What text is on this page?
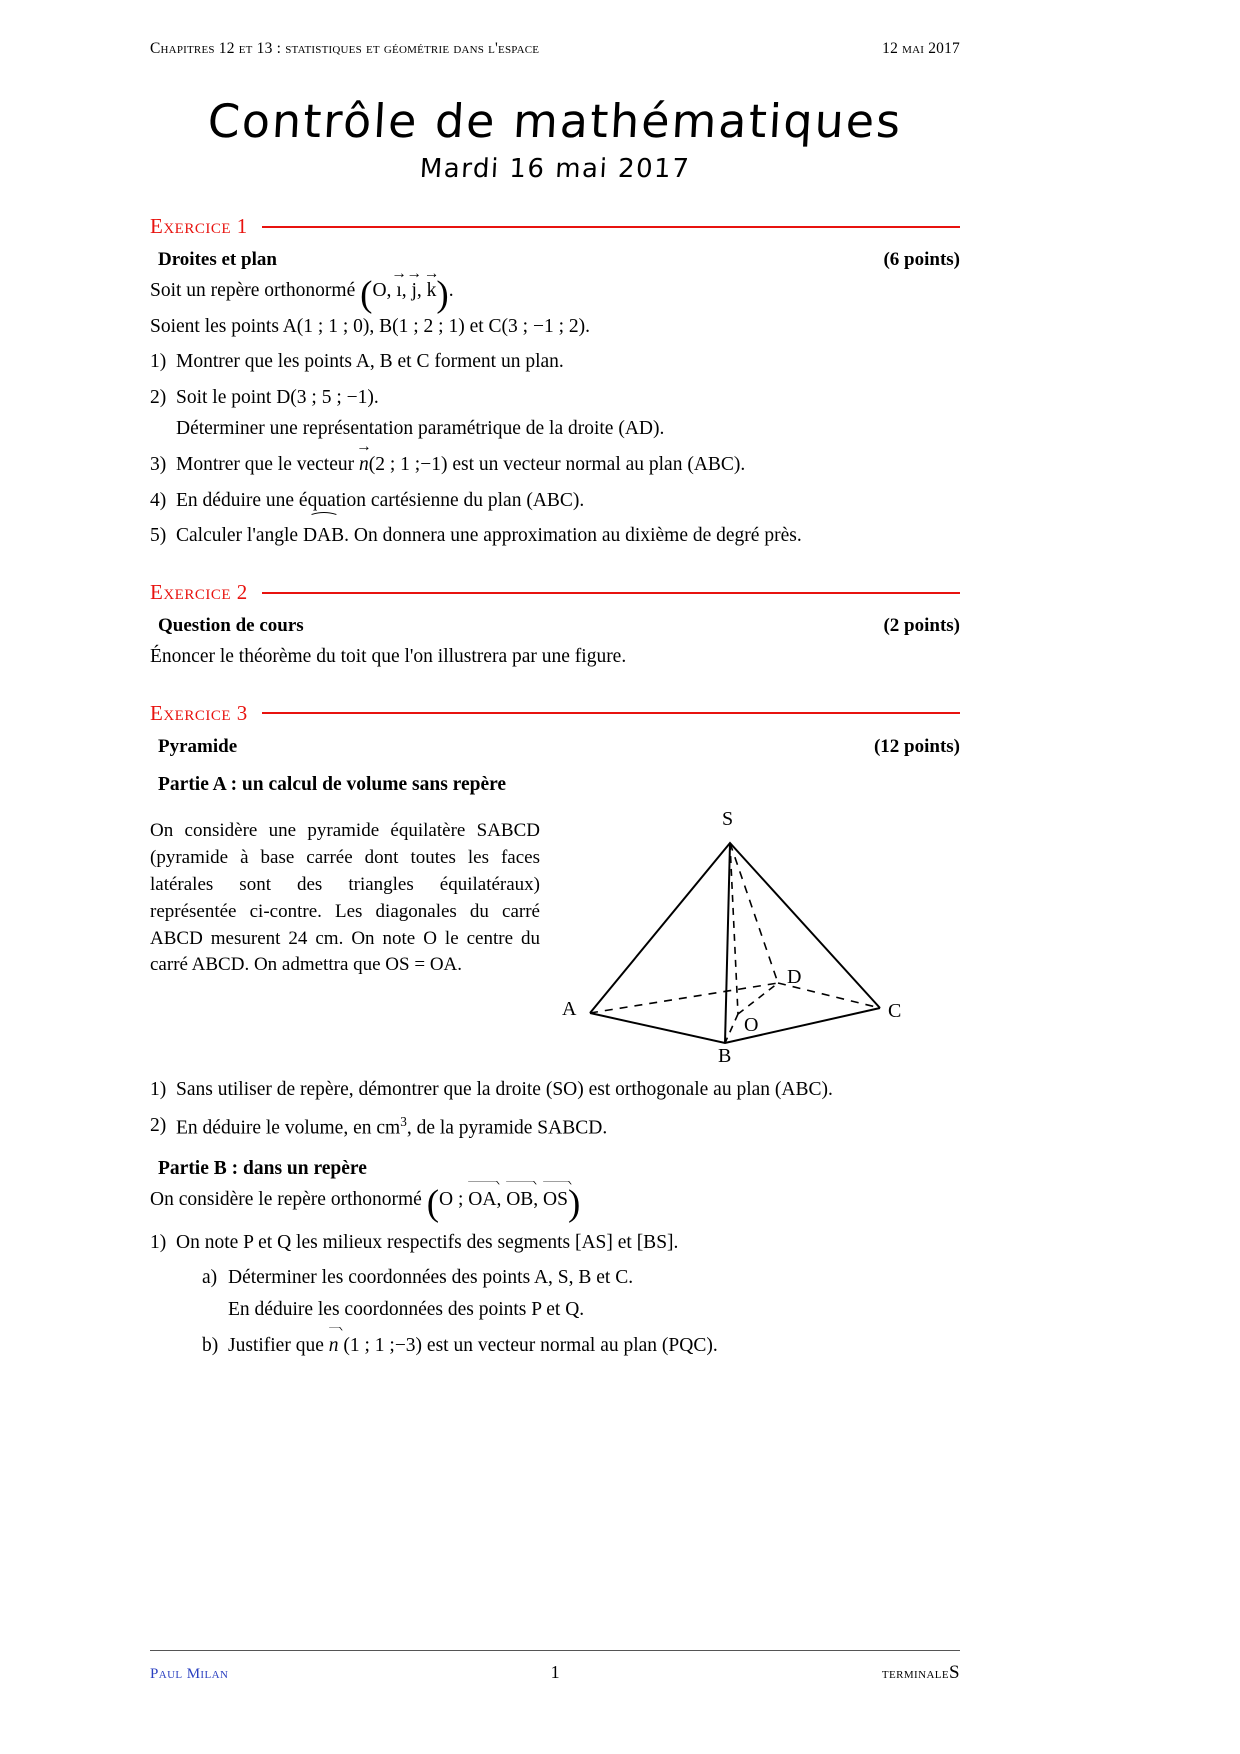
Chapitres 12 et 13 : statistiques et géométrie dans l'espace	12 mai 2017
Contrôle de mathématiques
Mardi 16 mai 2017
Exercice 1
Droites et plan	(6 points)

Soit un repère orthonormé (O, ı →, j →, k →).

Soient les points A(1 ; 1 ; 0), B(1 ; 2 ; 1) et C(3 ; −1 ; 2).

1) Montrer que les points A, B et C forment un plan.
2) Soit le point D(3 ; 5 ; −1).
Déterminer une représentation paramétrique de la droite (AD).
3) Montrer que le vecteur n →(2 ; 1 ;−1) est un vecteur normal au plan (ABC).
4) En déduire une équation cartésienne du plan (ABC).
5) Calculer l'angle DAB ⁀. On donnera une approximation au dixième de degré près.
Exercice 2
Question de cours	(2 points)

Énoncer le théorème du toit que l'on illustrera par une figure.

Exercice 3
Pyramide	(12 points)
Partie A : un calcul de volume sans repère
On considère une pyramide équilatère SABCD (pyramide à base carrée dont toutes les faces latérales sont des triangles équilatéraux) représentée ci-contre. Les diagonales du carré ABCD mesurent 24 cm. On note O le centre du carré ABCD. On admettra que OS = OA.
S
A
B
C
D
O
1) Sans utiliser de repère, démontrer que la droite (SO) est orthogonale au plan (ABC).
2) En déduire le volume, en $cm^3$, de la pyramide SABCD.
Partie B : dans un repère

On considère le repère orthonormé (O ; OA, OB, OS)

1) On note P et Q les milieux respectifs des segments [AS] et [BS].
a) Déterminer les coordonnées des points A, S, B et C.
En déduire les coordonnées des points P et Q.
b) Justifier que n (1 ; 1 ;−3) est un vecteur normal au plan (PQC).
Paul Milan	1	terminaleS
